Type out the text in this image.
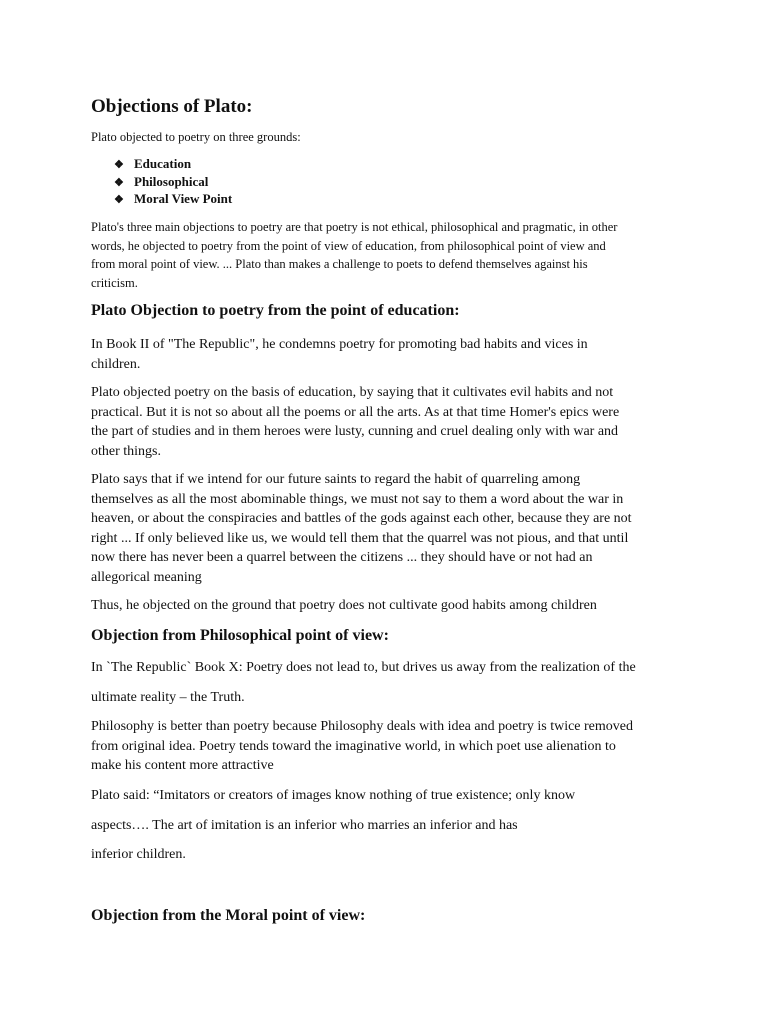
Objections of Plato:
Plato objected to poetry on three grounds:
❖ Education
❖ Philosophical
❖ Moral View Point
Plato's three main objections to poetry are that poetry is not ethical, philosophical and pragmatic, in other
words, he objected to poetry from the point of view of education, from philosophical point of view and
from moral point of view. ... Plato than makes a challenge to poets to defend themselves against his
criticism.
Plato Objection to poetry from the point of education:
In Book II of "The Republic", he condemns poetry for promoting bad habits and vices in
children.
Plato objected poetry on the basis of education, by saying that it cultivates evil habits and not
practical. But it is not so about all the poems or all the arts. As at that time Homer's epics were
the part of studies and in them heroes were lusty, cunning and cruel dealing only with war and
other things.
Plato says that if we intend for our future saints to regard the habit of quarreling among
themselves as all the most abominable things, we must not say to them a word about the war in
heaven, or about the conspiracies and battles of the gods against each other, because they are not
right ... If only believed like us, we would tell them that the quarrel was not pious, and that until
now there has never been a quarrel between the citizens ... they should have or not had an
allegorical meaning
Thus, he objected on the ground that poetry does not cultivate good habits among children
Objection from Philosophical point of view:
In `The Republic` Book X: Poetry does not lead to, but drives us away from the realization of the
ultimate reality – the Truth.
Philosophy is better than poetry because Philosophy deals with idea and poetry is twice removed
from original idea. Poetry tends toward the imaginative world, in which poet use alienation to
make his content more attractive
Plato said: “Imitators or creators of images know nothing of true existence; only know
aspects…. The art of imitation is an inferior who marries an inferior and has
inferior children.
Objection from the Moral point of view:
